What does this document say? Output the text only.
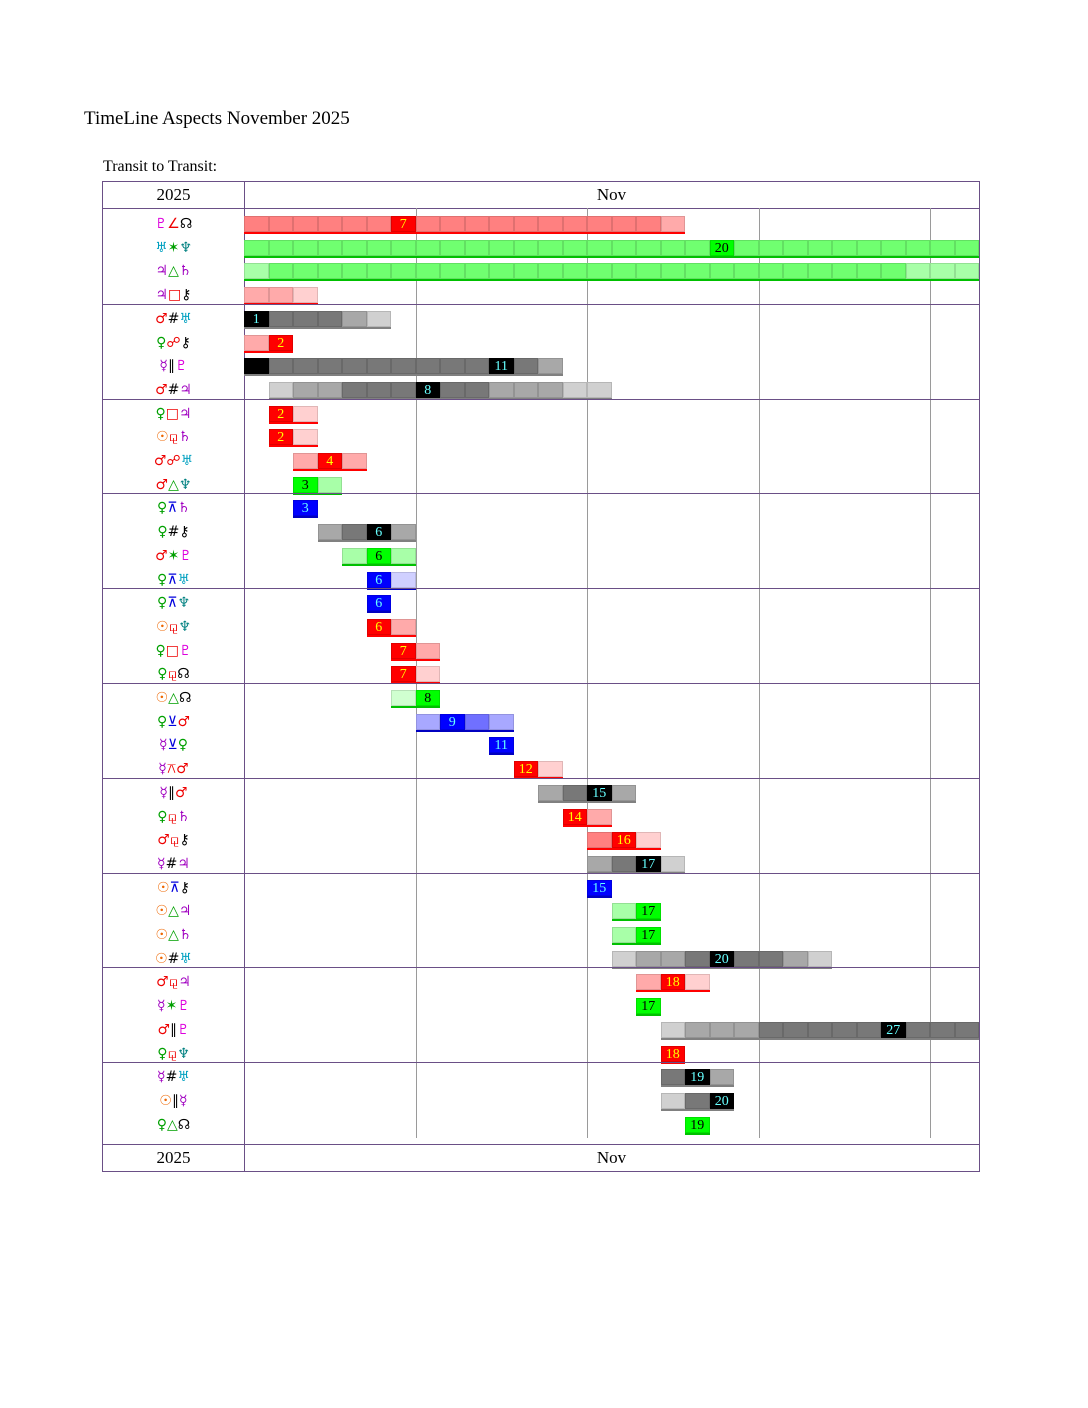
TimeLine Aspects November 2025
Transit to Transit:
2025	Nov
2025	Nov
♇∠☊	7
♅✶♆	20
♃△♄
♃□⚷
♂#♅	1
♀☍⚷	2
☿∥♇	11
♂#♃	8
♀□♃	2
☉⚼♄	2
♂☍♅	4
♂△♆	3
♀⊼♄	3
♀#⚷	6
♂✶♇	6
♀⊼♅	6
♀⊼♆	6
☉⚼♆	6
♀□♇	7
♀⚼☊	7
☉△☊	8
♀⊻♂	9
☿⊻♀	11
☿⚻♂	12
☿∥♂	15
♀⚼♄	14
♂⚼⚷	16
☿#♃	17
☉⊼⚷	15
☉△♃	17
☉△♄	17
☉#♅	20
♂⚼♃	18
☿✶♇	17
♂∥♇	27
♀⚼♆	18
☿#♅	19
☉∥☿	20
♀△☊	19
